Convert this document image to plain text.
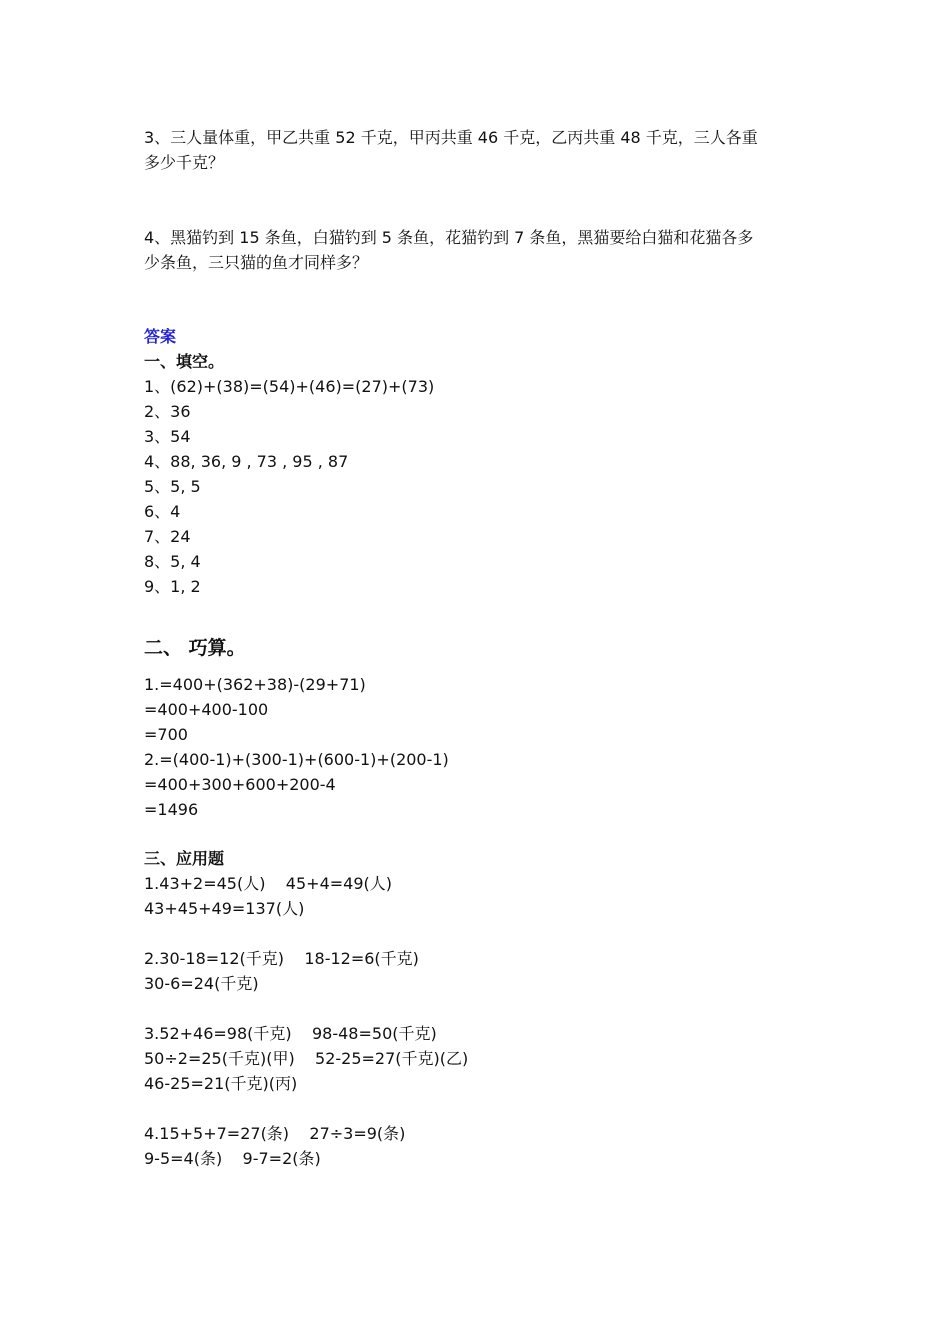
3、三人量体重，甲乙共重 52 千克，甲丙共重 46 千克，乙丙共重 48 千克，三人各重
多少千克？
4、黑猫钓到 15 条鱼，白猫钓到 5 条鱼，花猫钓到 7 条鱼，黑猫要给白猫和花猫各多
少条鱼，三只猫的鱼才同样多？
答案
一、填空。
1、(62)+(38)=(54)+(46)=(27)+(73)
2、36
3、54
4、88, 36, 9 , 73 , 95 , 87
5、5, 5
6、4
7、24
8、5, 4
9、1, 2
二、 巧算。
1.=400+(362+38)-(29+71)
=400+400-100
=700
2.=(400-1)+(300-1)+(600-1)+(200-1)
=400+300+600+200-4
=1496
三、应用题
1.43+2=45(人)    45+4=49(人)
43+45+49=137(人)
2.30-18=12(千克)    18-12=6(千克)
30-6=24(千克)
3.52+46=98(千克)    98-48=50(千克)
50÷2=25(千克)(甲)    52-25=27(千克)(乙)
46-25=21(千克)(丙)
4.15+5+7=27(条)    27÷3=9(条)
9-5=4(条)    9-7=2(条)
